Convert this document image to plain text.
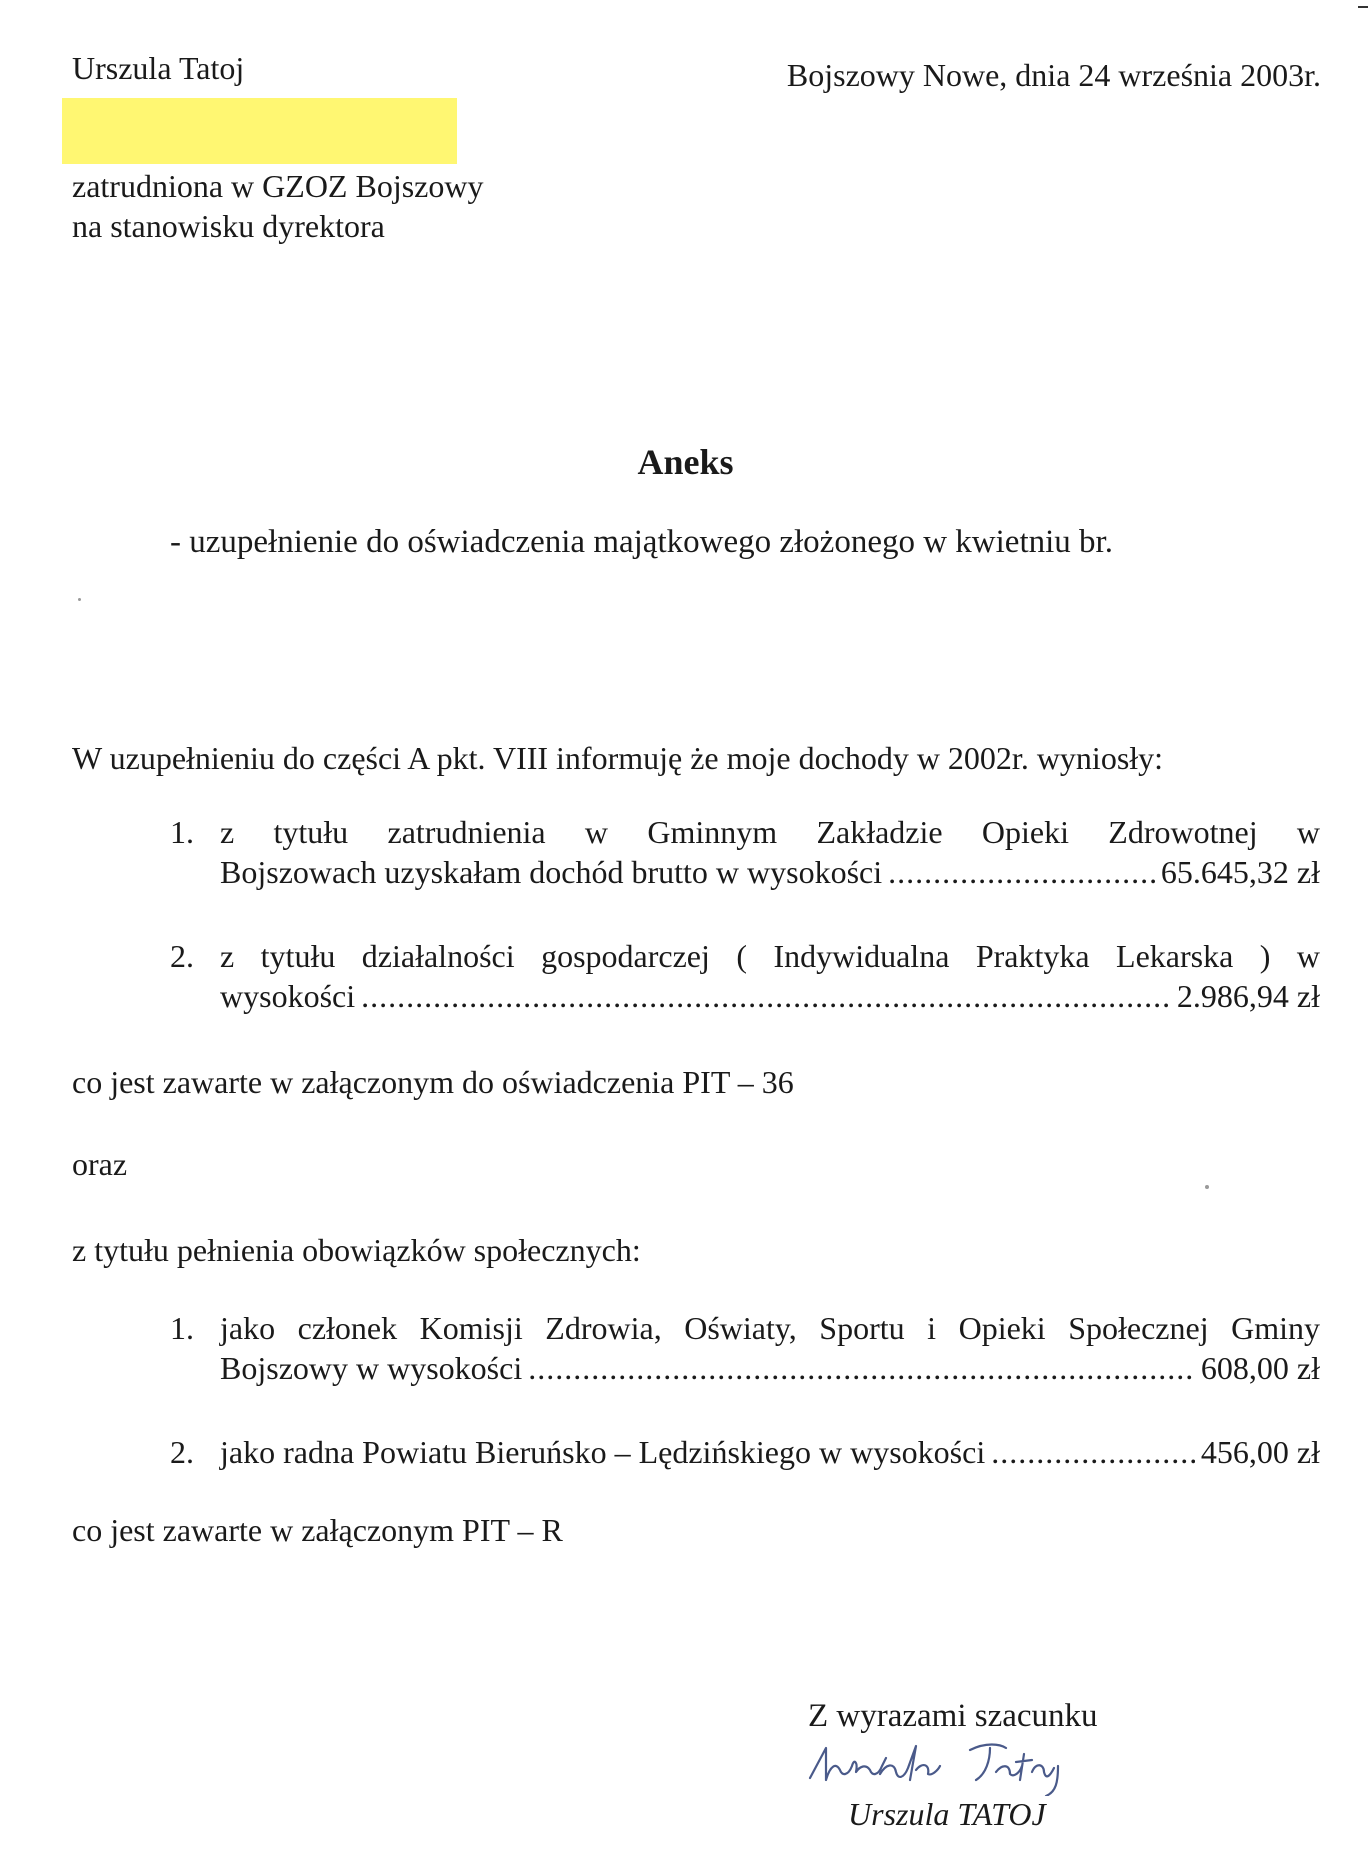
Urszula Tatoj	Bojszowy Nowe, dnia 24 września 2003r.
zatrudniona w GZOZ Bojszowy
na stanowisku dyrektora
Aneks
- uzupełnienie do oświadczenia majątkowego złożonego w kwietniu br.
W uzupełnieniu do części A pkt. VIII informuję że moje dochody w 2002r. wyniosły:
1. z tytułu zatrudnienia w Gminnym Zakładzie Opieki Zdrowotnej w
Bojszowach uzyskałam dochód brutto w wysokości .....	65.645,32 zł
2. z tytułu działalności gospodarczej ( Indywidualna Praktyka Lekarska ) w
wysokości .....	2.986,94 zł
co jest zawarte w załączonym do oświadczenia PIT – 36
oraz
z tytułu pełnienia obowiązków społecznych:
1. jako członek Komisji Zdrowia, Oświaty, Sportu i Opieki Społecznej Gminy
Bojszowy w wysokości .....	608,00 zł
2. jako radna Powiatu Bieruńsko – Lędzińskiego w wysokości .....	456,00 zł
co jest zawarte w załączonym PIT – R
Z wyrazami szacunku
Urszula TATOJ
